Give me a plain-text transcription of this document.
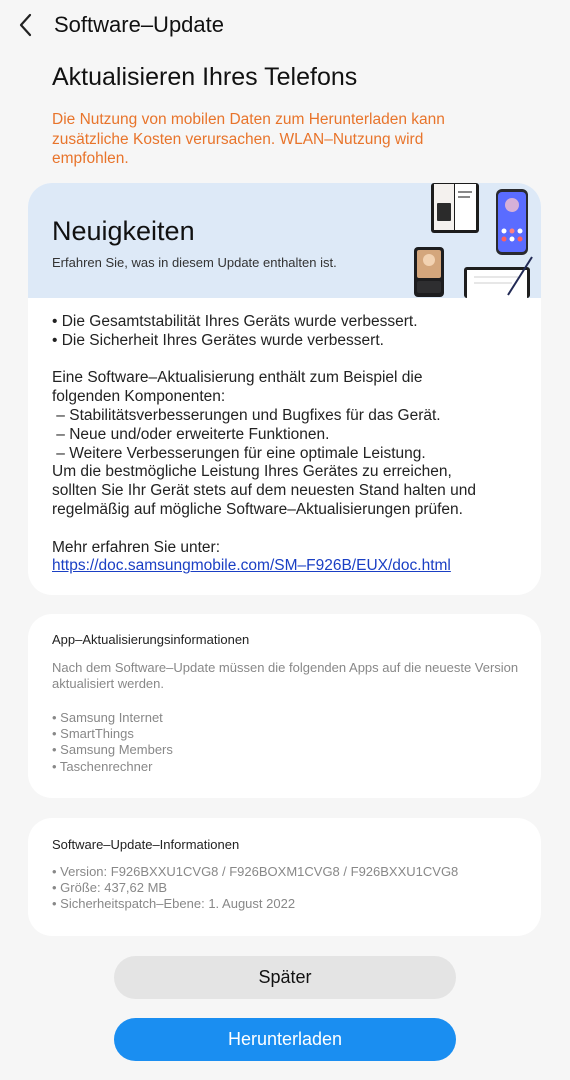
Software–Update
Aktualisieren Ihres Telefons
Die Nutzung von mobilen Daten zum Herunterladen kann zusätzliche Kosten verursachen. WLAN–Nutzung wird empfohlen.
Neuigkeiten
Erfahren Sie, was in diesem Update enthalten ist.
• Die Gesamtstabilität Ihres Geräts wurde verbessert.
• Die Sicherheit Ihres Gerätes wurde verbessert.
Eine Software–Aktualisierung enthält zum Beispiel die
folgenden Komponenten:
– Stabilitätsverbesserungen und Bugfixes für das Gerät.
– Neue und/oder erweiterte Funktionen.
– Weitere Verbesserungen für eine optimale Leistung.
Um die bestmögliche Leistung Ihres Gerätes zu erreichen,
sollten Sie Ihr Gerät stets auf dem neuesten Stand halten und
regelmäßig auf mögliche Software–Aktualisierungen prüfen.
Mehr erfahren Sie unter:
https://doc.samsungmobile.com/SM–F926B/EUX/doc.html
App–Aktualisierungsinformationen
Nach dem Software–Update müssen die folgenden Apps auf die neueste Version aktualisiert werden.
• Samsung Internet
• SmartThings
• Samsung Members
• Taschenrechner
Software–Update–Informationen
• Version: F926BXXU1CVG8 / F926BOXM1CVG8 / F926BXXU1CVG8
• Größe: 437,62 MB
• Sicherheitspatch–Ebene: 1. August 2022
Später
Herunterladen
